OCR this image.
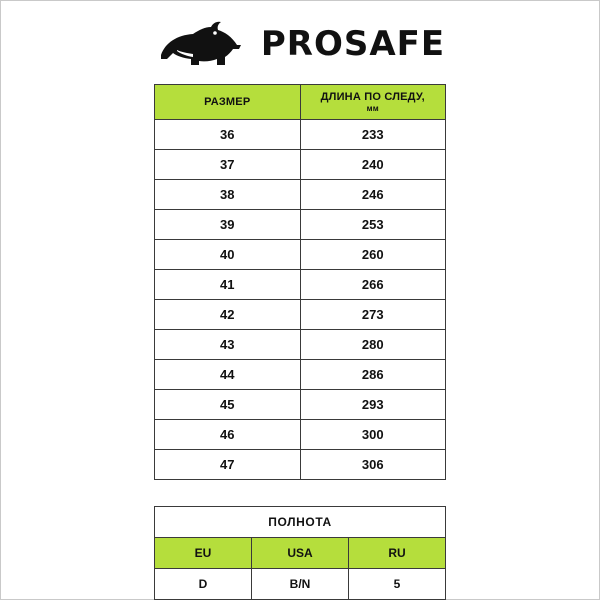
PROSAFE
РАЗМЕР	ДЛИНА ПО СЛЕДУ,
мм

36	233
37	240
38	246
39	253
40	260
41	266
42	273
43	280
44	286
45	293
46	300
47	306
ПОЛНОТА		
EU	USA	RU
D	B/N	5
